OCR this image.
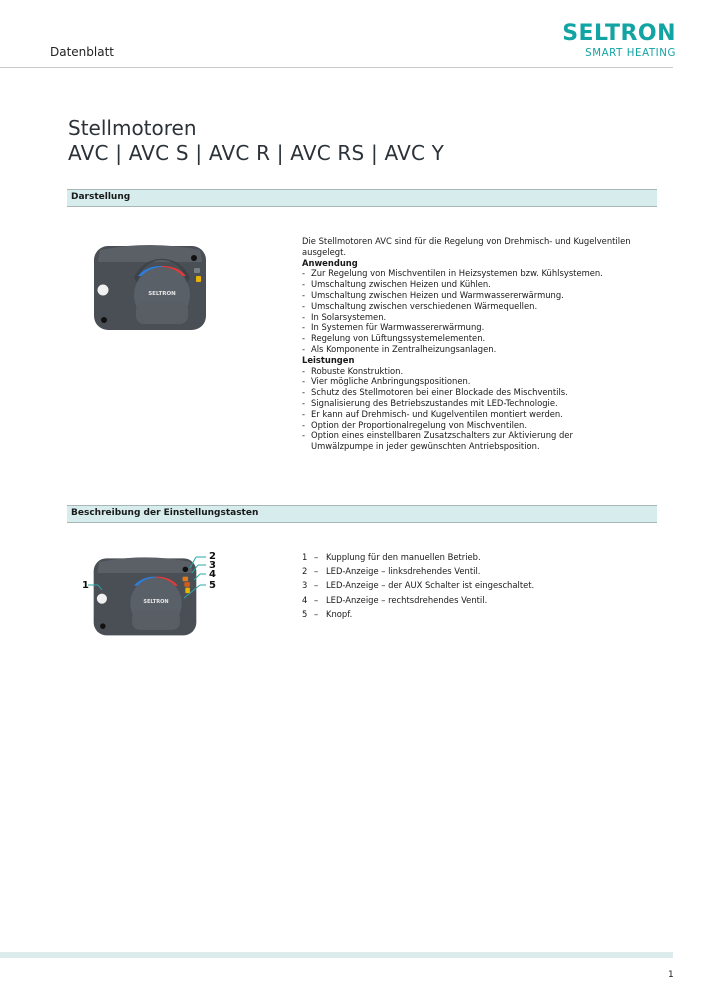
Datenblatt
SELTRON
SMART HEATING
Stellmotoren
AVC | AVC S | AVC R | AVC RS | AVC Y
Darstellung
SELTRON

Die Stellmotoren AVC sind für die Regelung von Drehmisch- und Kugelventilen ausgelegt.

Anwendung

- Zur Regelung von Mischventilen in Heizsystemen bzw. Kühlsystemen.
- Umschaltung zwischen Heizen und Kühlen.
- Umschaltung zwischen Heizen und Warmwassererwärmung.
- Umschaltung zwischen verschiedenen Wärmequellen.
- In Solarsystemen.
- In Systemen für Warmwassererwärmung.
- Regelung von Lüftungssystemelementen.
- Als Komponente in Zentralheizungsanlagen.

Leistungen

- Robuste Konstruktion.
- Vier mögliche Anbringungspositionen.
- Schutz des Stellmotoren bei einer Blockade des Mischventils.
- Signalisierung des Betriebszustandes mit LED-Technologie.
- Er kann auf Drehmisch- und Kugelventilen montiert werden.
- Option der Proportionalregelung von Mischventilen.
- Option eines einstellbaren Zusatzschalters zur Aktivierung der Umwälzpumpe in jeder gewünschten Antriebsposition.
Beschreibung der Einstellungstasten
SELTRON
1
2
3
4
5
1 – Kupplung für den manuellen Betrieb.
2 – LED-Anzeige – linksdrehendes Ventil.
3 – LED-Anzeige – der AUX Schalter ist eingeschaltet.
4 – LED-Anzeige – rechtsdrehendes Ventil.
5 – Knopf.
1
